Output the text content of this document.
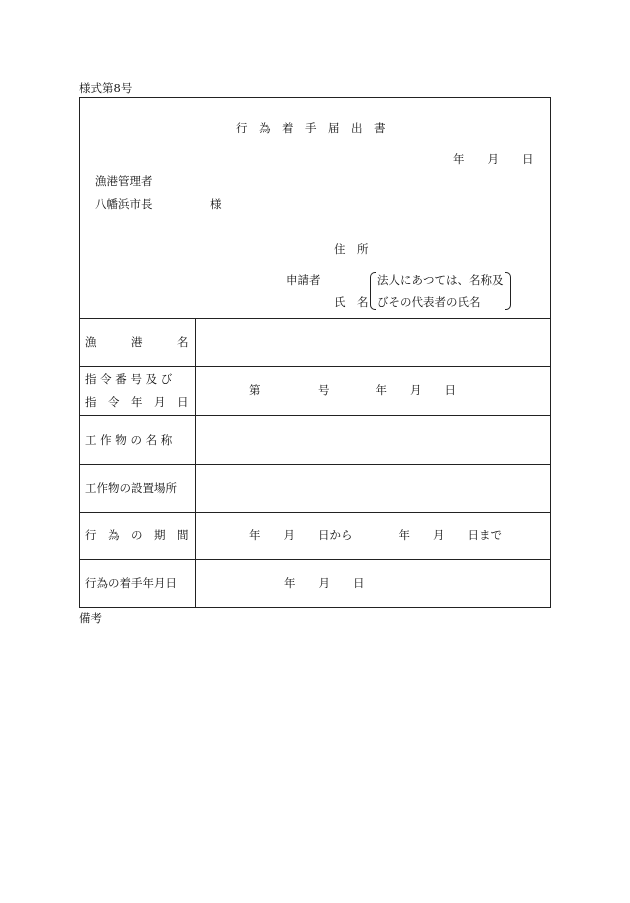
様式第8号
行　為　着　手　届　出　書
年　　月　　日
漁港管理者
八幡浜市長　　　　　様
住　所
申請者
氏　名
法人にあつては、名称及
びその代表者の氏名
漁　　　港　　　名
指 令 番 号 及 び
指　令　年　月　日
第　　　　　号　　　　年　　月　　日
工 作 物 の 名 称
工作物の設置場所
行　為　の　期　間	年　　月　　日から　　　　年　　月　　日まで
行為の着手年月日	年　　月　　日
備考
